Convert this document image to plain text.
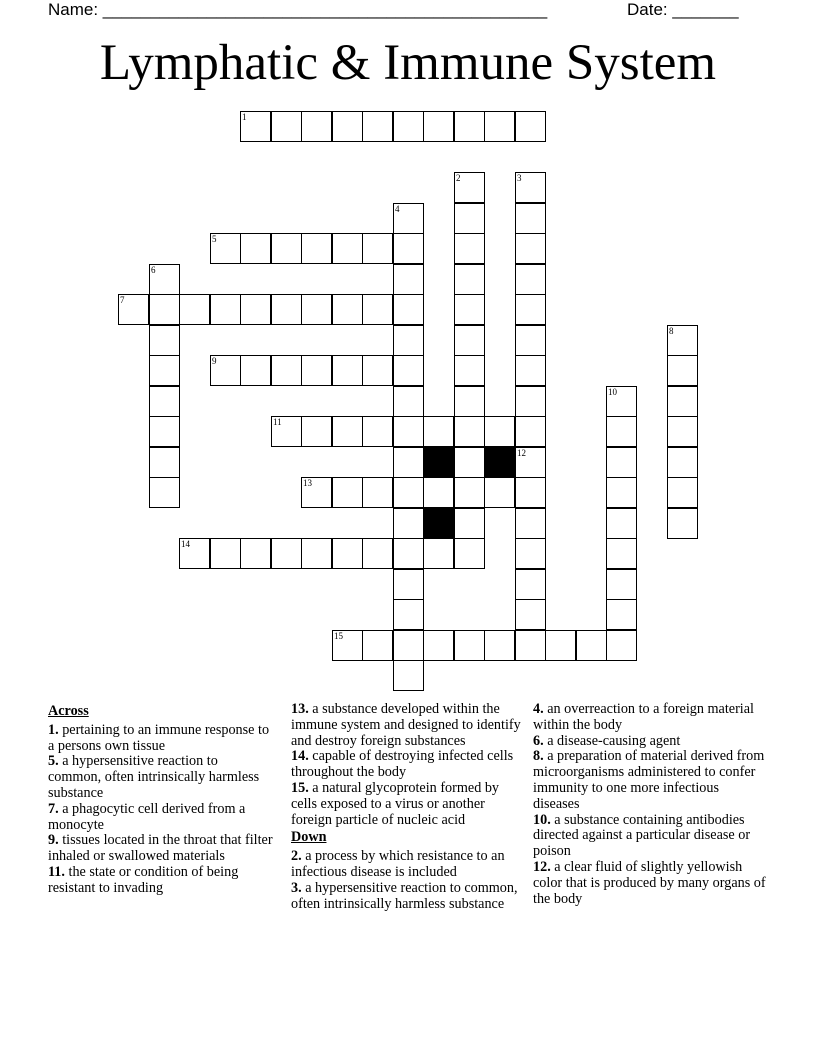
Name: _______________________________________________	Date: _______
Lymphatic & Immune System
1
2	3
4
5
6
7
8
9
10
11
12
13
14
15
Across
1. pertaining to an immune response to a persons own tissue
5. a hypersensitive reaction to common, often intrinsically harmless substance
7. a phagocytic cell derived from a monocyte
9. tissues located in the throat that filter inhaled or swallowed materials
11. the state or condition of being resistant to invading
13. a substance developed within the immune system and designed to identify and destroy foreign substances
14. capable of destroying infected cells throughout the body
15. a natural glycoprotein formed by cells exposed to a virus or another foreign particle of nucleic acid
Down
2. a process by which resistance to an infectious disease is included
3. a hypersensitive reaction to common, often intrinsically harmless substance
4. an overreaction to a foreign material within the body
6. a disease-causing agent
8. a preparation of material derived from microorganisms administered to confer immunity to one more infectious diseases
10. a substance containing antibodies directed against a particular disease or poison
12. a clear fluid of slightly yellowish color that is produced by many organs of the body
